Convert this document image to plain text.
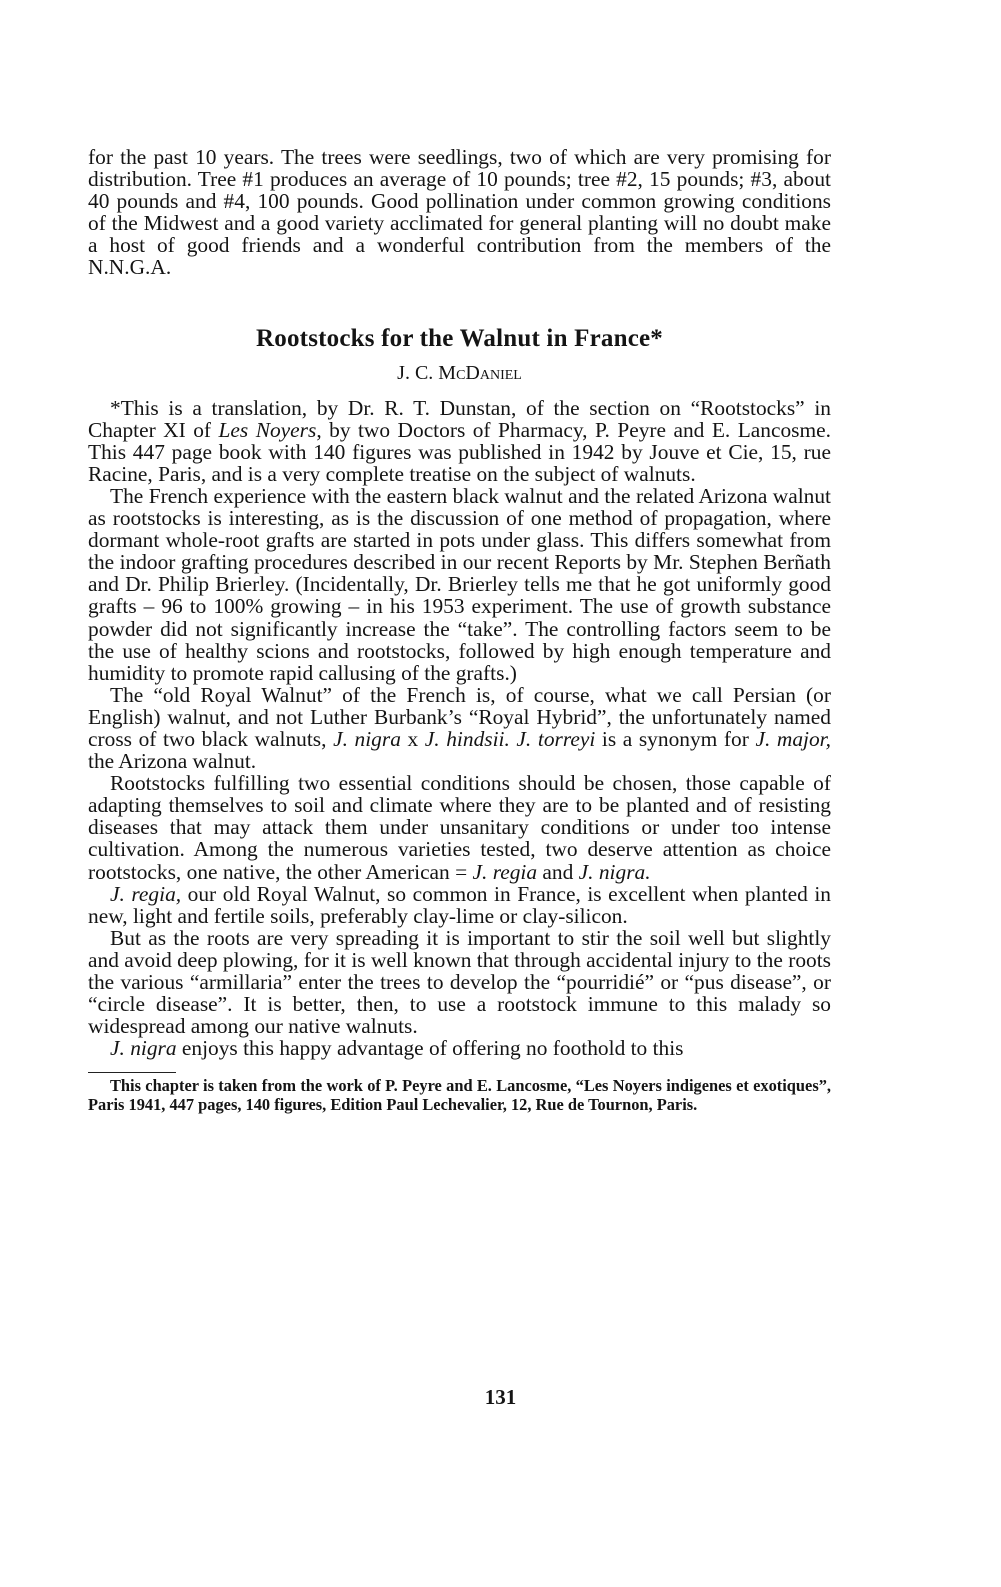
for the past 10 years. The trees were seedlings, two of which are very promising for distribution. Tree #1 produces an average of 10 pounds; tree #2, 15 pounds; #3, about 40 pounds and #4, 100 pounds. Good pollination under common growing conditions of the Midwest and a good variety acclimated for general planting will no doubt make a host of good friends and a wonderful contribution from the members of the N.N.G.A.

Rootstocks for the Walnut in France*
J. C. McDaniel

*This is a translation, by Dr. R. T. Dunstan, of the section on “Rootstocks” in Chapter XI of Les Noyers, by two Doctors of Pharmacy, P. Peyre and E. Lancosme. This 447 page book with 140 figures was published in 1942 by Jouve et Cie, 15, rue Racine, Paris, and is a very complete treatise on the subject of walnuts.

The French experience with the eastern black walnut and the related Arizona walnut as rootstocks is interesting, as is the discussion of one method of propagation, where dormant whole-root grafts are started in pots under glass. This differs somewhat from the indoor grafting procedures described in our recent Reports by Mr. Stephen Berñath and Dr. Philip Brierley. (Incidentally, Dr. Brierley tells me that he got uniformly good grafts – 96 to 100% growing – in his 1953 experiment. The use of growth substance powder did not significantly increase the “take”. The controlling factors seem to be the use of healthy scions and rootstocks, followed by high enough temperature and humidity to promote rapid callusing of the grafts.)

The “old Royal Walnut” of the French is, of course, what we call Persian (or English) walnut, and not Luther Burbank’s “Royal Hybrid”, the unfortunately named cross of two black walnuts, J. nigra x J. hindsii. J. torreyi is a synonym for J. major, the Arizona walnut.

Rootstocks fulfilling two essential conditions should be chosen, those capable of adapting themselves to soil and climate where they are to be planted and of resisting diseases that may attack them under unsanitary conditions or under too intense cultivation. Among the numerous varieties tested, two deserve attention as choice rootstocks, one native, the other American = J. regia and J. nigra.

J. regia, our old Royal Walnut, so common in France, is excellent when planted in new, light and fertile soils, preferably clay-lime or clay-silicon.

But as the roots are very spreading it is important to stir the soil well but slightly and avoid deep plowing, for it is well known that through accidental injury to the roots the various “armillaria” enter the trees to develop the “pourridié” or “pus disease”, or “circle disease”. It is better, then, to use a rootstock immune to this malady so widespread among our native walnuts.

J. nigra enjoys this happy advantage of offering no foothold to this

This chapter is taken from the work of P. Peyre and E. Lancosme, “Les Noyers indigenes et exotiques”, Paris 1941, 447 pages, 140 figures, Edition Paul Lechevalier, 12, Rue de Tournon, Paris.

131
